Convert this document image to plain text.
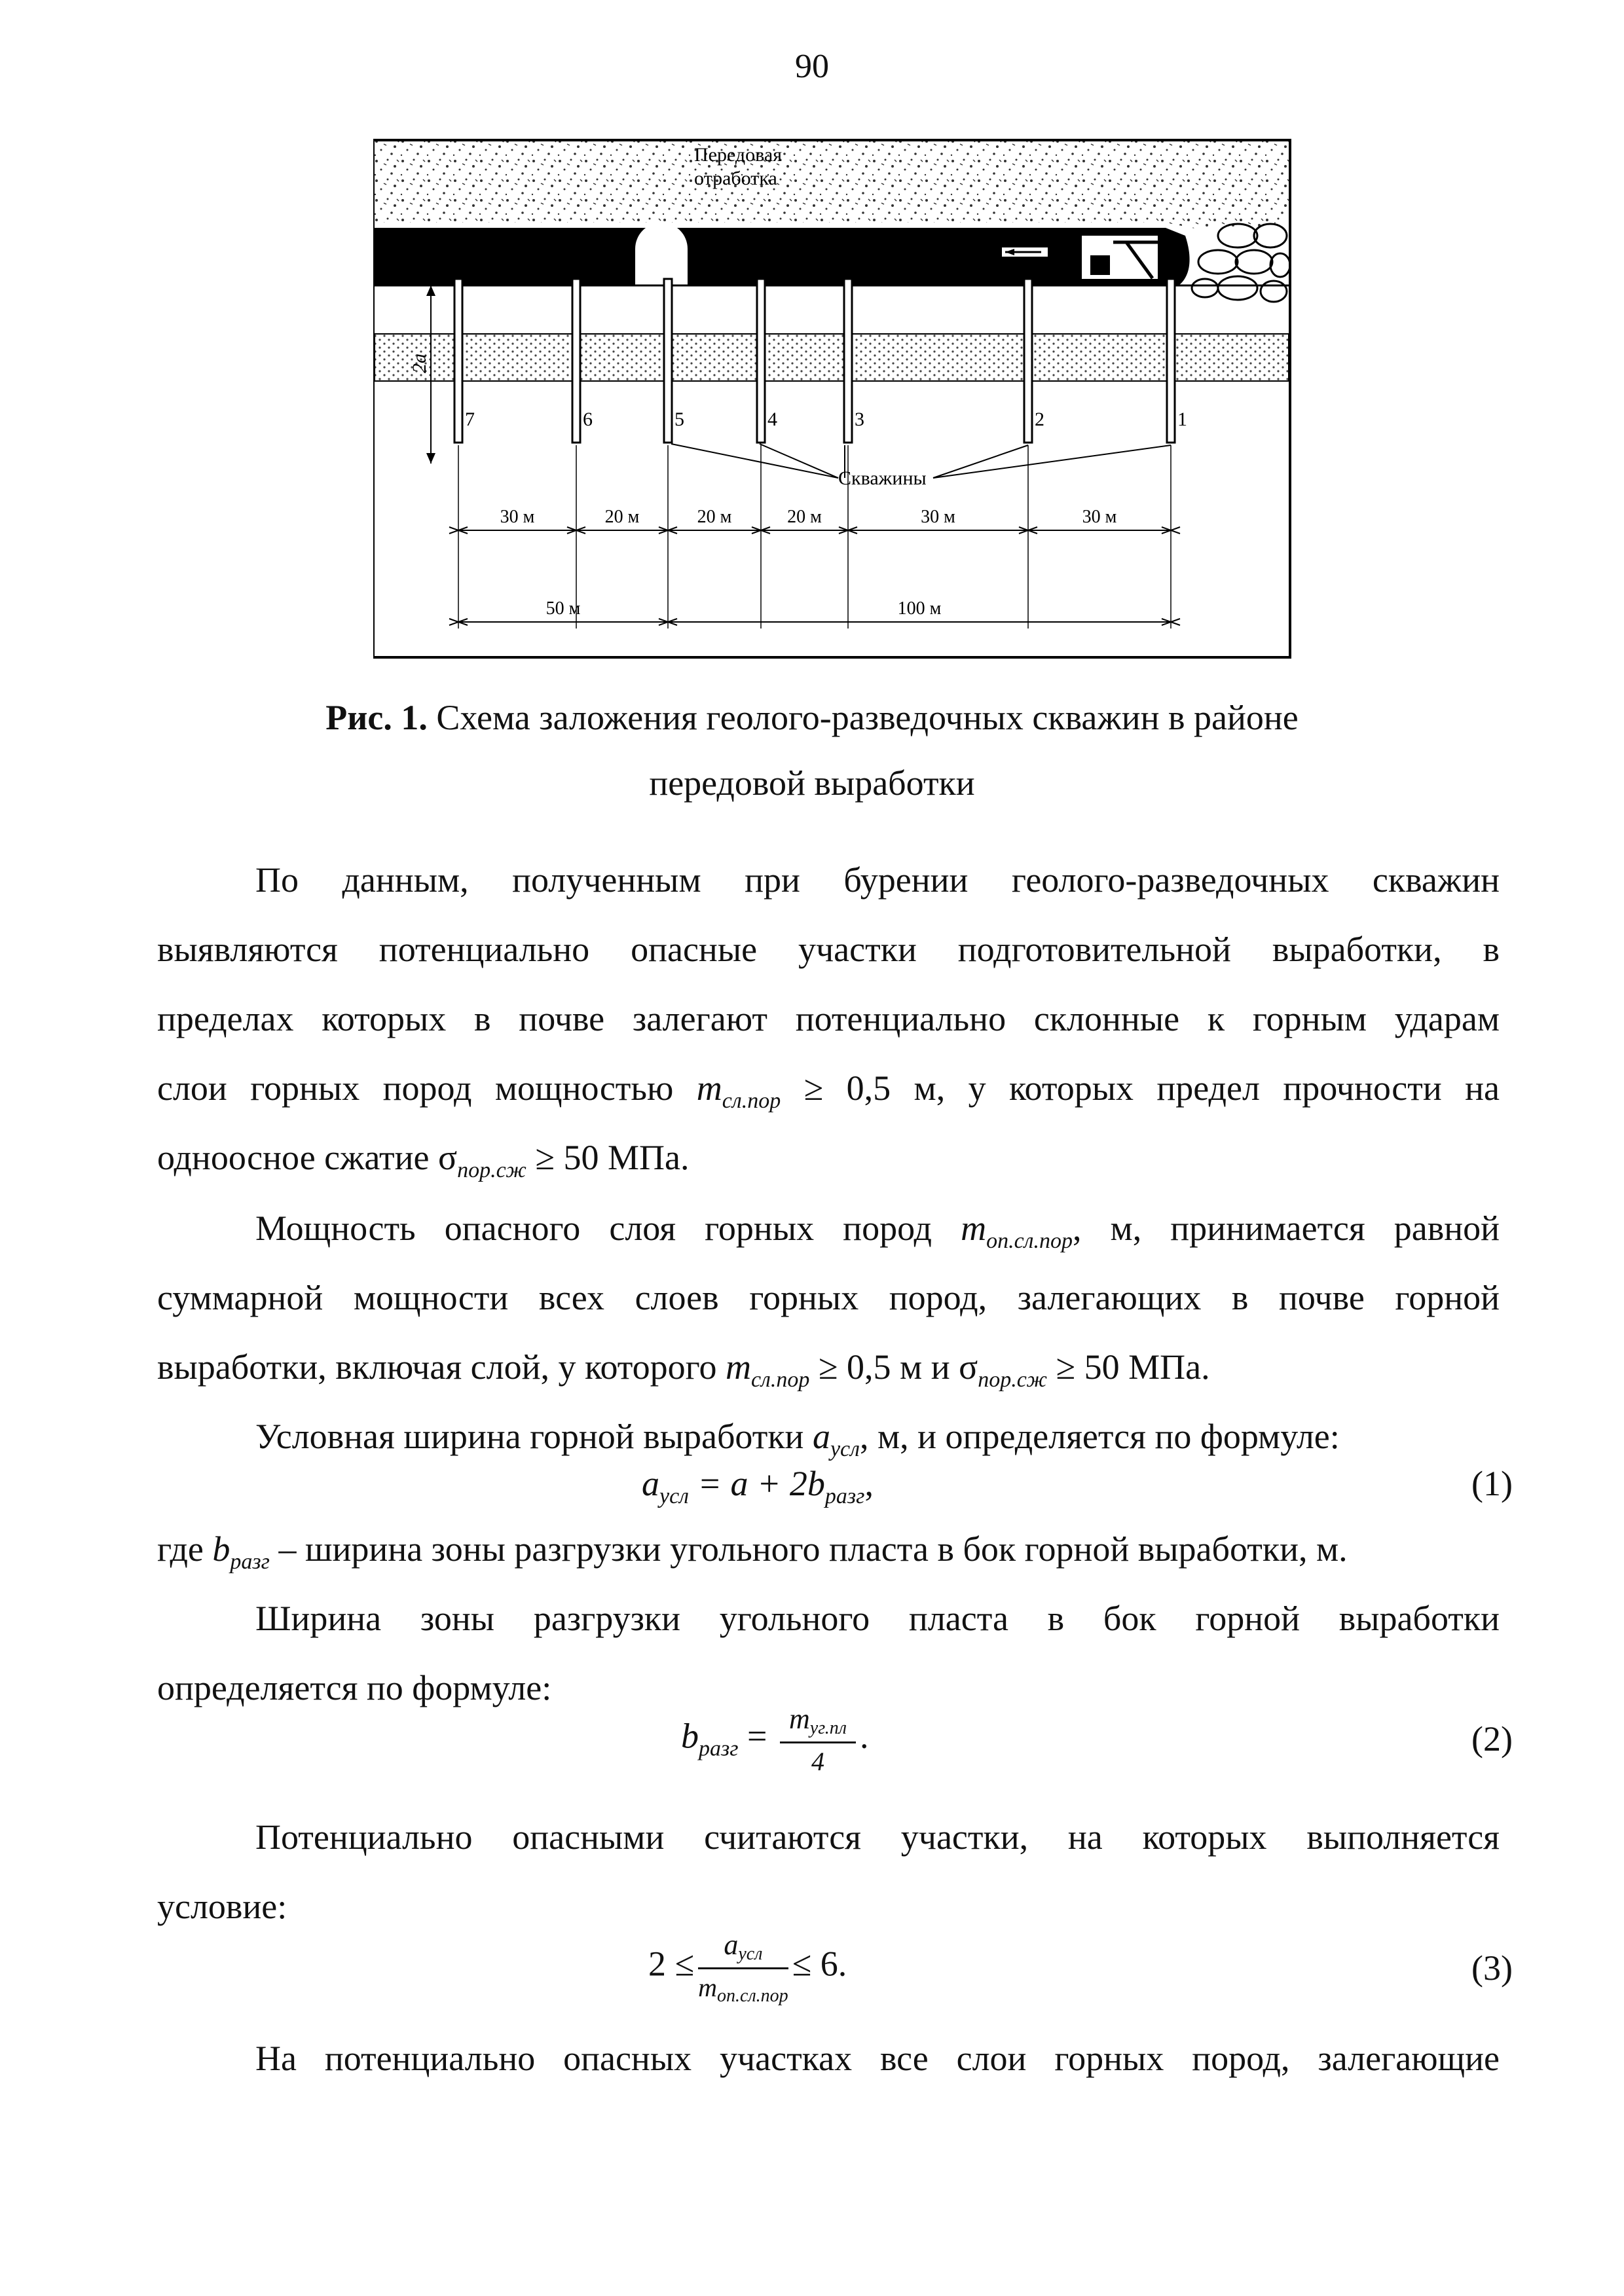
90
Передовая
отработка
2a
7	6	5	4	3	2	1
Скважины
30 м	20 м	20 м	20 м	30 м	30 м
50 м	100 м
Рис. 1. Схема заложения геолого-разведочных скважин в районе
передовой выработки
По данным, полученным при бурении геолого-разведочных скважин
выявляются потенциально опасные участки подготовительной выработки, в
пределах которых в почве залегают потенциально склонные к горным ударам
слои горных пород мощностью $m_{сл.пор} \ge 0,5$ м, у которых предел прочности на
одноосное сжатие $\sigma_{пор.сж} \ge 50$ МПа.
Мощность опасного слоя горных пород $m_{оп.сл.пор}$, м, принимается равной
суммарной мощности всех слоев горных пород, залегающих в почве горной
выработки, включая слой, у которого $m_{сл.пор} \ge 0,5$ м и $\sigma_{пор.сж} \ge 50$ МПа.
Условная ширина горной выработки $a_{усл}$, м, и определяется по формуле:
$a_{усл} = a + 2b_{разг}$,	(1)
где $b_{разг}$ – ширина зоны разгрузки угольного пласта в бок горной выработки, м.
Ширина зоны разгрузки угольного пласта в бок горной выработки
определяется по формуле:
$b_{разг} = \frac{m_{уг.пл}}{4}$ .	(2)
Потенциально опасными считаются участки, на которых выполняется
условие:
$2 \le \frac{a_{усл}}{m_{оп.сл.пор}} \le 6$.	(3)
На потенциально опасных участках все слои горных пород, залегающие
